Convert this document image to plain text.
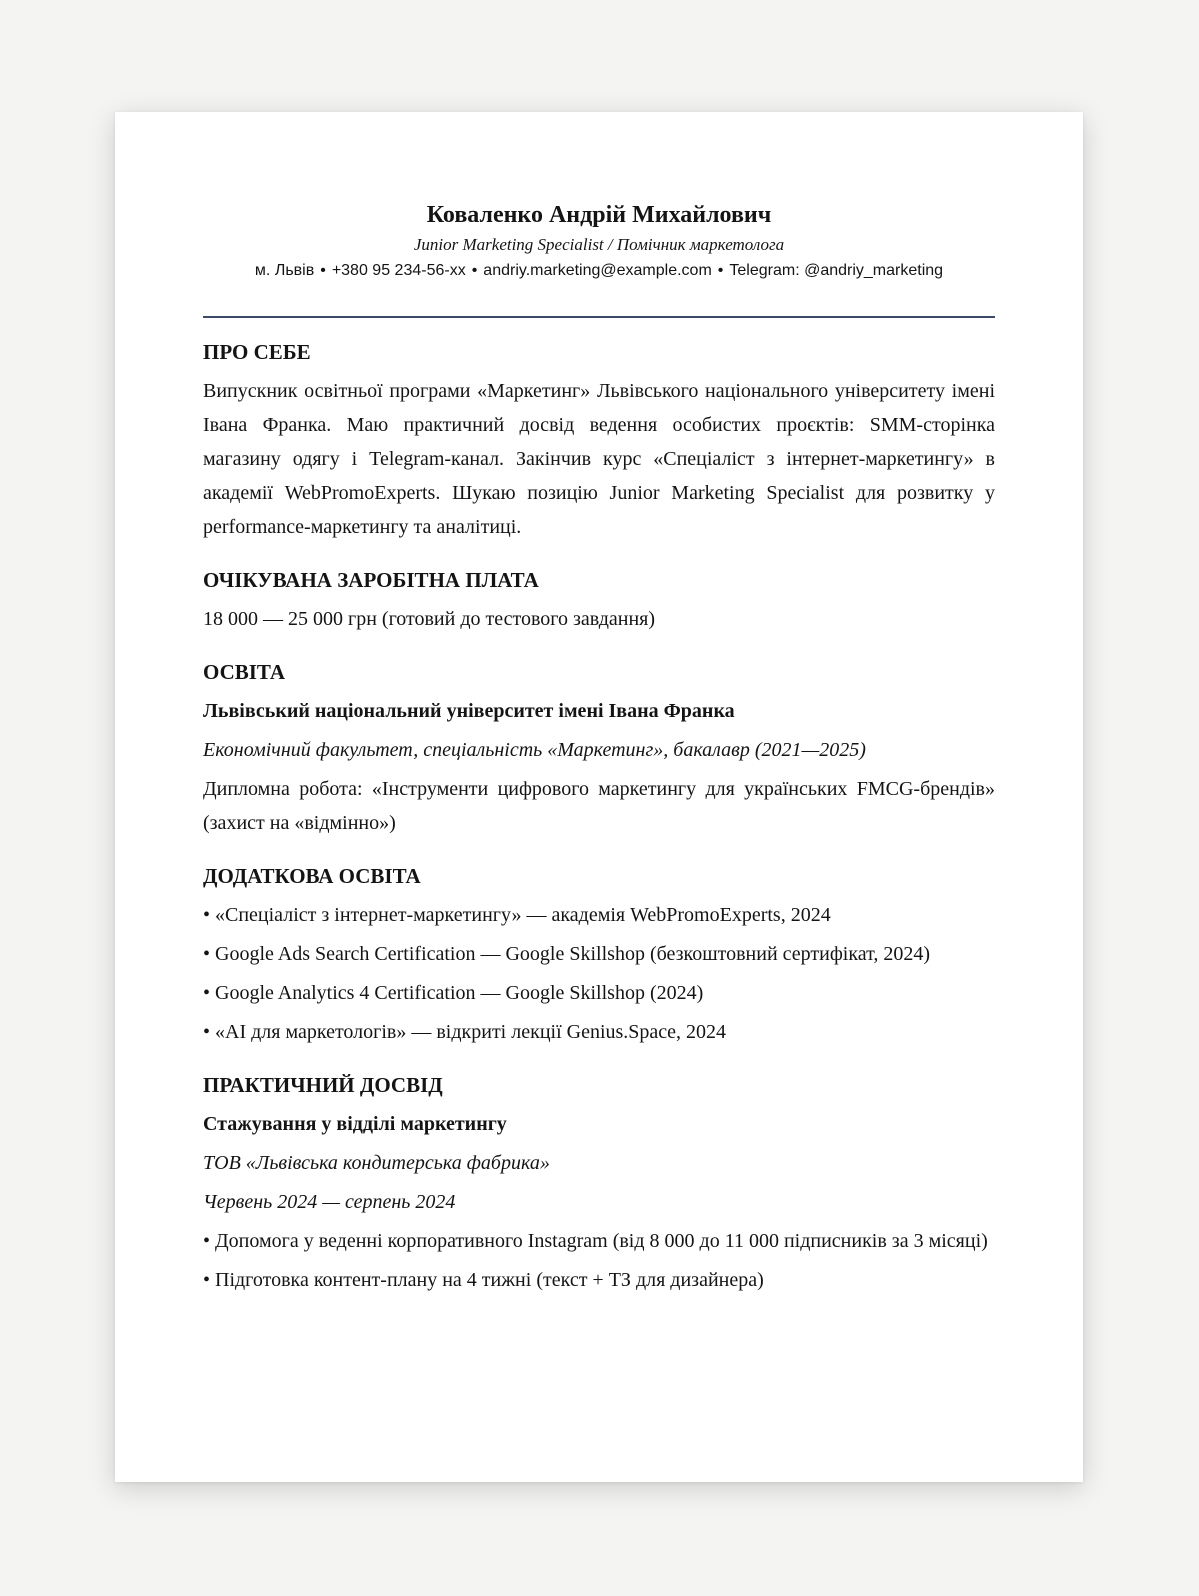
Коваленко Андрій Михайлович
Junior Marketing Specialist / Помічник маркетолога
м. Львів • +380 95 234-56-xx • andriy.marketing@example.com • Telegram: @andriy_marketing
ПРО СЕБЕ
Випускник освітньої програми «Маркетинг» Львівського національного університету імені Івана Франка. Маю практичний досвід ведення особистих проєктів: SMM-сторінка магазину одягу і Telegram-канал. Закінчив курс «Спеціаліст з інтернет-маркетингу» в академії WebPromoExperts. Шукаю позицію Junior Marketing Specialist для розвитку у performance-маркетингу та аналітиці.
ОЧІКУВАНА ЗАРОБІТНА ПЛАТА
18 000 — 25 000 грн (готовий до тестового завдання)
ОСВІТА
Львівський національний університет імені Івана Франка
Економічний факультет, спеціальність «Маркетинг», бакалавр (2021—2025)
Дипломна робота: «Інструменти цифрового маркетингу для українських FMCG-брендів» (захист на «відмінно»)
ДОДАТКОВА ОСВІТА
• «Спеціаліст з інтернет-маркетингу» — академія WebPromoExperts, 2024
• Google Ads Search Certification — Google Skillshop (безкоштовний сертифікат, 2024)
• Google Analytics 4 Certification — Google Skillshop (2024)
• «AI для маркетологів» — відкриті лекції Genius.Space, 2024
ПРАКТИЧНИЙ ДОСВІД
Стажування у відділі маркетингу
ТОВ «Львівська кондитерська фабрика»
Червень 2024 — серпень 2024
• Допомога у веденні корпоративного Instagram (від 8 000 до 11 000 підписників за 3 місяці)
• Підготовка контент-плану на 4 тижні (текст + ТЗ для дизайнера)
